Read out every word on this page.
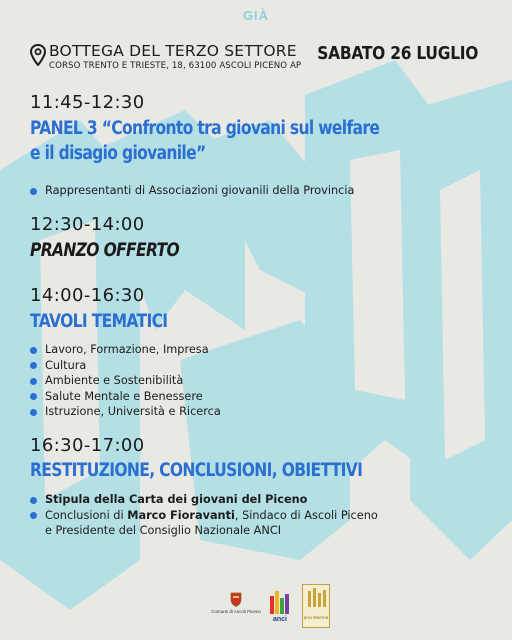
GIÀ
BOTTEGA DEL TERZO SETTORE
CORSO TRENTO E TRIESTE, 18, 63100 ASCOLI PICENO AP
SABATO 26 LUGLIO
11:45-12:30
PANEL 3 “Confronto tra giovani sul welfare
e il disagio giovanile”
Rappresentanti di Associazioni giovanili della Provincia
12:30-14:00
PRANZO OFFERTO
14:00-16:30
TAVOLI TEMATICI
Lavoro, Formazione, Impresa
Cultura
Ambiente e Sostenibilità
Salute Mentale e Benessere
Istruzione, Università e Ricerca
16:30-17:00
RESTITUZIONE, CONCLUSIONI, OBIETTIVI
Stipula della Carta dei giovani del Piceno
Conclusioni di Marco Fioravanti, Sindaco di Ascoli Piceno
e Presidente del Consiglio Nazionale ANCI
Comune di Ascoli Piceno
anci	anci Marche
